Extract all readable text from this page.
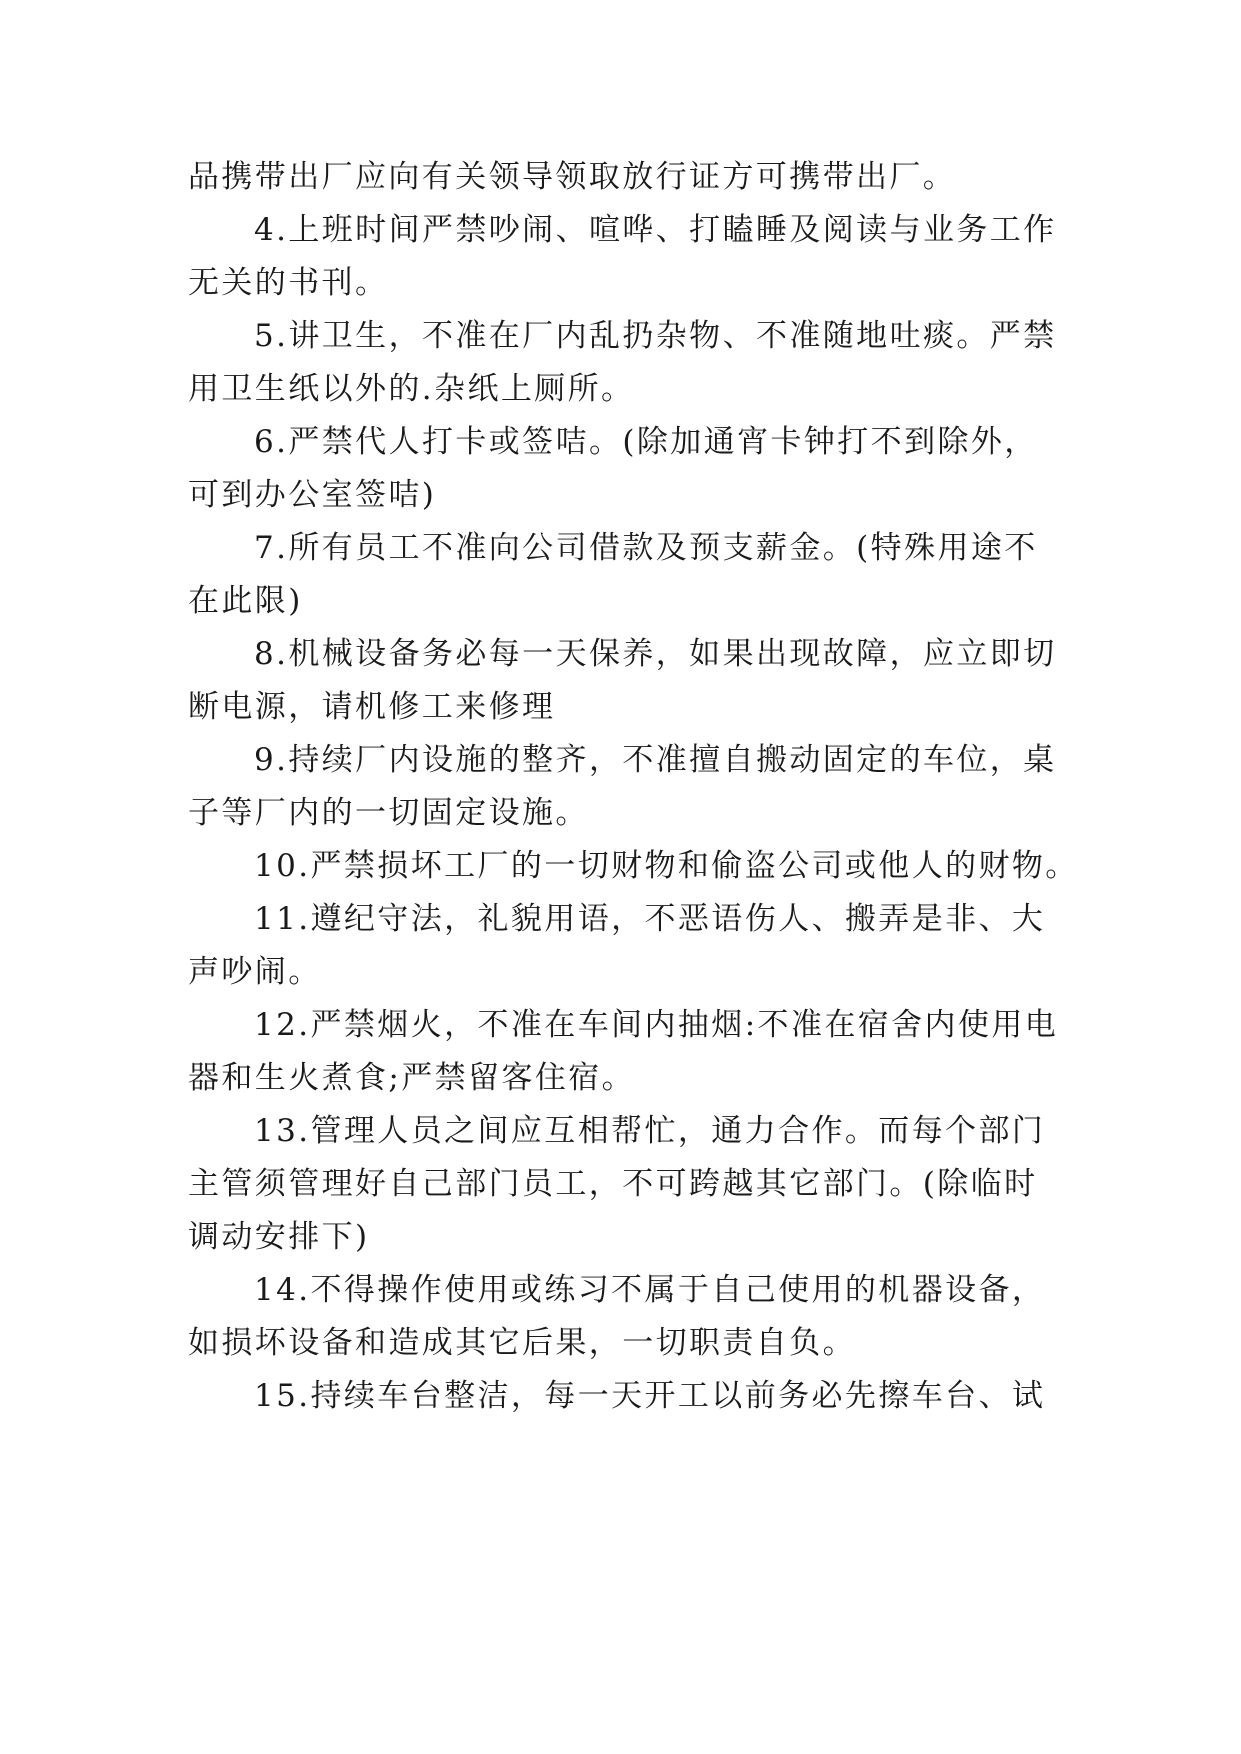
品携带出厂应向有关领导领取放行证方可携带出厂。
4.上班时间严禁吵闹、喧哗、打瞌睡及阅读与业务工作
无关的书刊。
5.讲卫生，不准在厂内乱扔杂物、不准随地吐痰。严禁
用卫生纸以外的.杂纸上厕所。
6.严禁代人打卡或签咭。(除加通宵卡钟打不到除外，
可到办公室签咭)
7.所有员工不准向公司借款及预支薪金。(特殊用途不
在此限)
8.机械设备务必每一天保养，如果出现故障，应立即切
断电源，请机修工来修理
9.持续厂内设施的整齐，不准擅自搬动固定的车位，桌
子等厂内的一切固定设施。
10.严禁损坏工厂的一切财物和偷盗公司或他人的财物。
11.遵纪守法，礼貌用语，不恶语伤人、搬弄是非、大
声吵闹。
12.严禁烟火，不准在车间内抽烟:不准在宿舍内使用电
器和生火煮食;严禁留客住宿。
13.管理人员之间应互相帮忙，通力合作。而每个部门
主管须管理好自己部门员工，不可跨越其它部门。(除临时
调动安排下)
14.不得操作使用或练习不属于自己使用的机器设备，
如损坏设备和造成其它后果，一切职责自负。
15.持续车台整洁，每一天开工以前务必先擦车台、试
